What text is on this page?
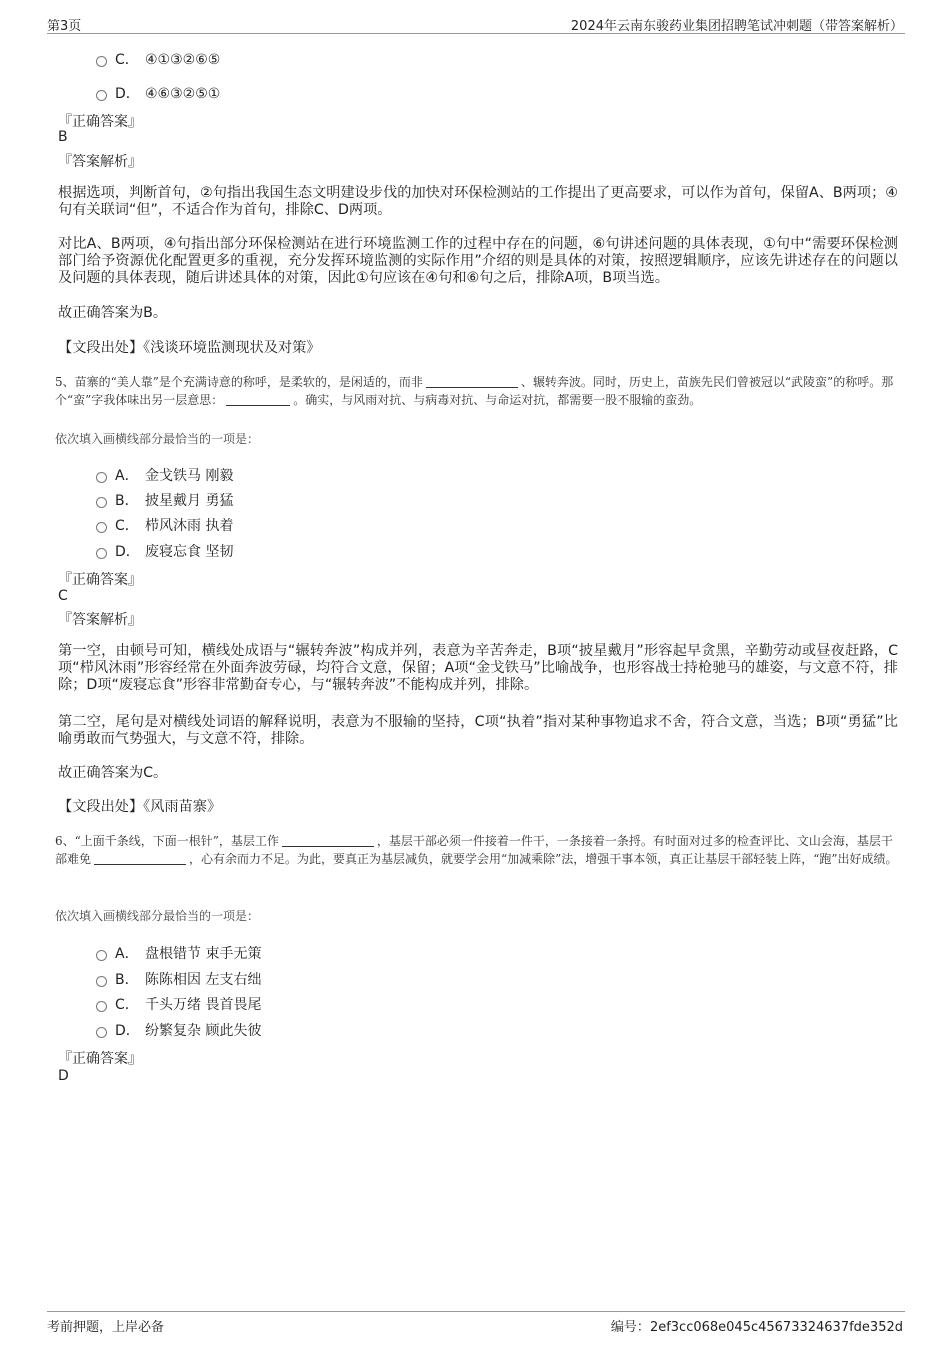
第3页	2024年云南东骏药业集团招聘笔试冲刺题（带答案解析）
C． ④①③②⑥⑤
D． ④⑥③②⑤①
『正确答案』
B
『答案解析』
根据选项，判断首句，②句指出我国生态文明建设步伐的加快对环保检测站的工作提出了更高要求，可以作为首句，保留A、B两项；④句有关联词“但”，不适合作为首句，排除C、D两项。
对比A、B两项，④句指出部分环保检测站在进行环境监测工作的过程中存在的问题，⑥句讲述问题的具体表现，①句中“需要环保检测部门给予资源优化配置更多的重视，充分发挥环境监测的实际作用”介绍的则是具体的对策，按照逻辑顺序，应该先讲述存在的问题以及问题的具体表现，随后讲述具体的对策，因此①句应该在④句和⑥句之后，排除A项，B项当选。
故正确答案为B。
【文段出处】《浅谈环境监测现状及对策》
5、苗寨的“美人靠”是个充满诗意的称呼，是柔软的，是闲适的，而非	、辗转奔波。同时，历史上，苗族先民们曾被冠以“武陵蛮”的称呼。那个“蛮”字我体味出另一层意思：	。确实，与风雨对抗、与病毒对抗、与命运对抗，都需要一股不服输的蛮劲。
依次填入画横线部分最恰当的一项是：
A． 金戈铁马 刚毅
B． 披星戴月 勇猛
C． 栉风沐雨 执着
D． 废寝忘食 坚韧
『正确答案』
C
『答案解析』
第一空，由顿号可知，横线处成语与“辗转奔波”构成并列，表意为辛苦奔走，B项“披星戴月”形容起早贪黑，辛勤劳动或昼夜赶路，C项“栉风沐雨”形容经常在外面奔波劳碌，均符合文意，保留；A项“金戈铁马”比喻战争，也形容战士持枪驰马的雄姿，与文意不符，排除；D项“废寝忘食”形容非常勤奋专心，与“辗转奔波”不能构成并列，排除。
第二空，尾句是对横线处词语的解释说明，表意为不服输的坚持，C项“执着”指对某种事物追求不舍，符合文意，当选；B项“勇猛”比喻勇敢而气势强大，与文意不符，排除。
故正确答案为C。
【文段出处】《风雨苗寨》
6、“上面千条线，下面一根针”，基层工作	，基层干部必须一件接着一件干，一条接着一条捋。有时面对过多的检查评比、文山会海，基层干部难免	，心有余而力不足。为此，要真正为基层减负，就要学会用“加减乘除”法，增强干事本领，真正让基层干部轻装上阵，“跑”出好成绩。
依次填入画横线部分最恰当的一项是：
A． 盘根错节 束手无策
B． 陈陈相因 左支右绌
C． 千头万绪 畏首畏尾
D． 纷繁复杂 顾此失彼
『正确答案』
D
考前押题，上岸必备	编号：2ef3cc068e045c45673324637fde352d
